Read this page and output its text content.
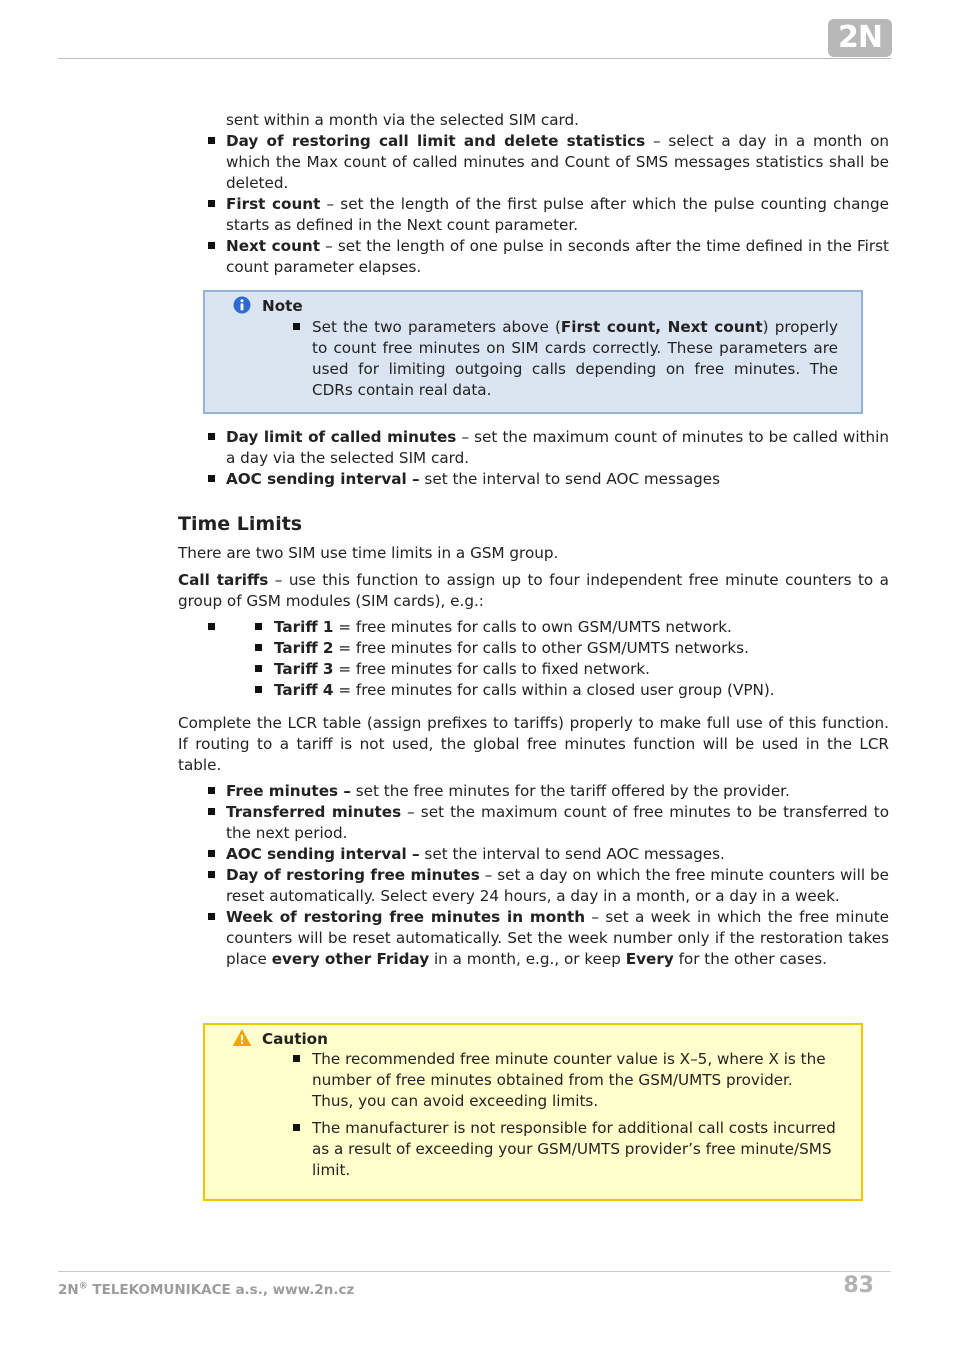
2N
sent within a month via the selected SIM card.
Day of restoring call limit and delete statistics – select a day in a month on which the Max count of called minutes and Count of SMS messages statistics shall be deleted.
First count – set the length of the first pulse after which the pulse counting change starts as defined in the Next count parameter.
Next count – set the length of one pulse in seconds after the time defined in the First count parameter elapses.
Note
Set the two parameters above (First count, Next count) properly to count free minutes on SIM cards correctly. These parameters are used for limiting outgoing calls depending on free minutes. The CDRs contain real data.
Day limit of called minutes – set the maximum count of minutes to be called within a day via the selected SIM card.
AOC sending interval – set the interval to send AOC messages
Time Limits

There are two SIM use time limits in a GSM group.

Call tariffs – use this function to assign up to four independent free minute counters to a group of GSM modules (SIM cards), e.g.:

Tariff 1 = free minutes for calls to own GSM/UMTS network.
Tariff 2 = free minutes for calls to other GSM/UMTS networks.
Tariff 3 = free minutes for calls to fixed network.
Tariff 4 = free minutes for calls within a closed user group (VPN).

Complete the LCR table (assign prefixes to tariffs) properly to make full use of this function. If routing to a tariff is not used, the global free minutes function will be used in the LCR table.

Free minutes – set the free minutes for the tariff offered by the provider.
Transferred minutes – set the maximum count of free minutes to be transferred to the next period.
AOC sending interval – set the interval to send AOC messages.
Day of restoring free minutes – set a day on which the free minute counters will be reset automatically. Select every 24 hours, a day in a month, or a day in a week.
Week of restoring free minutes in month – set a week in which the free minute counters will be reset automatically. Set the week number only if the restoration takes place every other Friday in a month, e.g., or keep Every for the other cases.
Caution
The recommended free minute counter value is X–5, where X is the number of free minutes obtained from the GSM/UMTS provider. Thus, you can avoid exceeding limits.
The manufacturer is not responsible for additional call costs incurred as a result of exceeding your GSM/UMTS provider’s free minute/SMS limit.
2N® TELEKOMUNIKACE a.s., www.2n.cz	83
